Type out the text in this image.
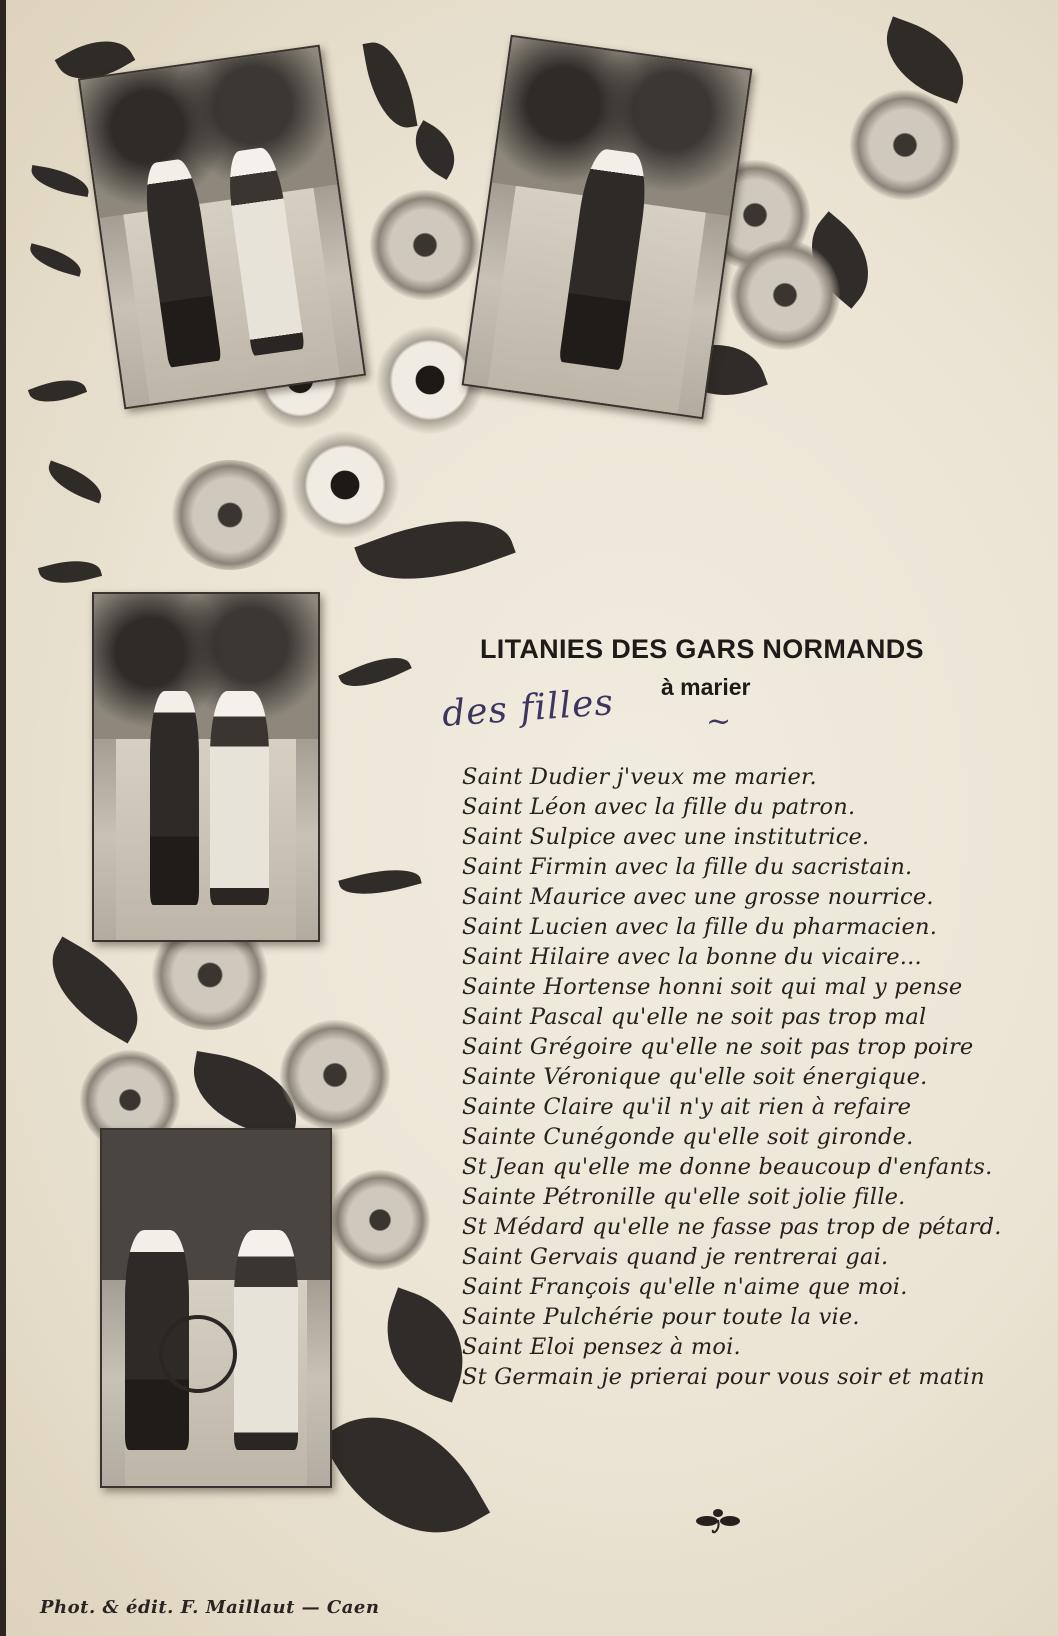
LITANIES DES GARS NORMANDS
à marier
des filles	~
Saint Dudier j'veux me marier.
Saint Léon avec la fille du patron.
Saint Sulpice avec une institutrice.
Saint Firmin avec la fille du sacristain.
Saint Maurice avec une grosse nourrice.
Saint Lucien avec la fille du pharmacien.
Saint Hilaire avec la bonne du vicaire...
Sainte Hortense honni soit qui mal y pense
Saint Pascal qu'elle ne soit pas trop mal
Saint Grégoire qu'elle ne soit pas trop poire
Sainte Véronique qu'elle soit énergique.
Sainte Claire qu'il n'y ait rien à refaire
Sainte Cunégonde qu'elle soit gironde.
St Jean qu'elle me donne beaucoup d'enfants.
Sainte Pétronille qu'elle soit jolie fille.
St Médard qu'elle ne fasse pas trop de pétard.
Saint Gervais quand je rentrerai gai.
Saint François qu'elle n'aime que moi.
Sainte Pulchérie pour toute la vie.
Saint Eloi pensez à moi.
St Germain je prierai pour vous soir et matin
Phot. & édit. F. Maillaut — Caen
